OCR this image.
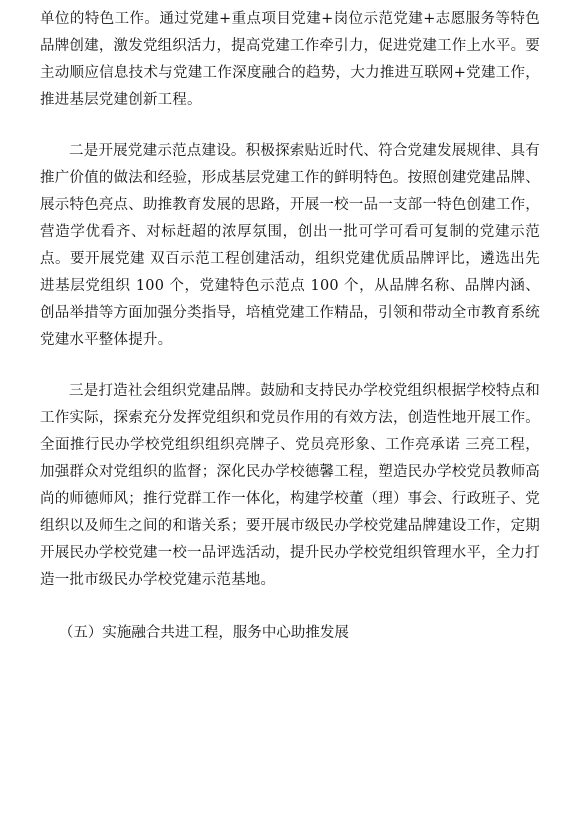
单位的特色工作。通过党建+重点项目党建+岗位示范党建+志愿服务等特色品牌创建，激发党组织活力，提高党建工作牵引力，促进党建工作上水平。要主动顺应信息技术与党建工作深度融合的趋势，大力推进互联网+党建工作，推进基层党建创新工程。

二是开展党建示范点建设。积极探索贴近时代、符合党建发展规律、具有推广价值的做法和经验，形成基层党建工作的鲜明特色。按照创建党建品牌、展示特色亮点、助推教育发展的思路，开展一校一品一支部一特色创建工作，营造学优看齐、对标赶超的浓厚氛围，创出一批可学可看可复制的党建示范点。要开展党建 双百示范工程创建活动，组织党建优质品牌评比，遴选出先进基层党组织 100 个，党建特色示范点 100 个，从品牌名称、品牌内涵、创品举措等方面加强分类指导，培植党建工作精品，引领和带动全市教育系统党建水平整体提升。

三是打造社会组织党建品牌。鼓励和支持民办学校党组织根据学校特点和工作实际，探索充分发挥党组织和党员作用的有效方法，创造性地开展工作。全面推行民办学校党组织组织亮牌子、党员亮形象、工作亮承诺 三亮工程，加强群众对党组织的监督；深化民办学校德馨工程，塑造民办学校党员教师高尚的师德师风；推行党群工作一体化，构建学校董（理）事会、行政班子、党组织以及师生之间的和谐关系；要开展市级民办学校党建品牌建设工作，定期开展民办学校党建一校一品评选活动，提升民办学校党组织管理水平，全力打造一批市级民办学校党建示范基地。

（五）实施融合共进工程，服务中心助推发展
